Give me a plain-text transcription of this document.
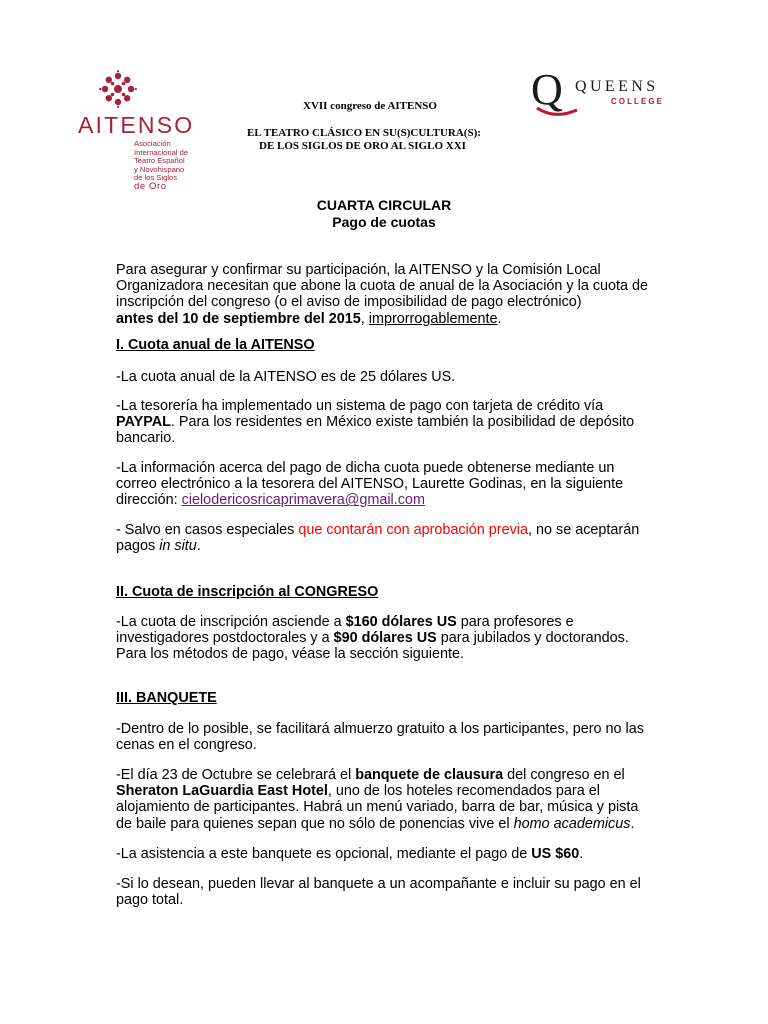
AITENSO
Asociación
Internacional de
Teatro Español
y Novohispano
de los Siglos
de Oro
Q QUEENS
COLLEGE
XVII congreso de AITENSO
EL TEATRO CLÁSICO EN SU(S)CULTURA(S):
DE LOS SIGLOS DE ORO AL SIGLO XXI
CUARTA CIRCULAR
Pago de cuotas

Para asegurar y confirmar su participación, la AITENSO y la Comisión Local

Organizadora necesitan que abone la cuota de anual de la Asociación y la cuota de

inscripción del congreso (o el aviso de imposibilidad de pago electrónico)

antes del 10 de septiembre del 2015, improrrogablemente.

I. Cuota anual de la AITENSO

-La cuota anual de la AITENSO es de 25 dólares US.

-La tesorería ha implementado un sistema de pago con tarjeta de crédito vía

PAYPAL. Para los residentes en México existe también la posibilidad de depósito

bancario.

-La información acerca del pago de dicha cuota puede obtenerse mediante un

correo electrónico a la tesorera del AITENSO, Laurette Godinas, en la siguiente

dirección: cielodericosricaprimavera@gmail.com

- Salvo en casos especiales que contarán con aprobación previa, no se aceptarán

pagos in situ.

II. Cuota de inscripción al CONGRESO

-La cuota de inscripción asciende a $160 dólares US para profesores e

investigadores postdoctorales y a $90 dólares US para jubilados y doctorandos.

Para los métodos de pago, véase la sección siguiente.

III. BANQUETE

-Dentro de lo posible, se facilitará almuerzo gratuito a los participantes, pero no las

cenas en el congreso.

-El día 23 de Octubre se celebrará el banquete de clausura del congreso en el

Sheraton LaGuardia East Hotel, uno de los hoteles recomendados para el

alojamiento de participantes. Habrá un menú variado, barra de bar, música y pista

de baile para quienes sepan que no sólo de ponencias vive el homo academicus.

-La asistencia a este banquete es opcional, mediante el pago de US $60.

-Si lo desean, pueden llevar al banquete a un acompañante e incluir su pago en el

pago total.
